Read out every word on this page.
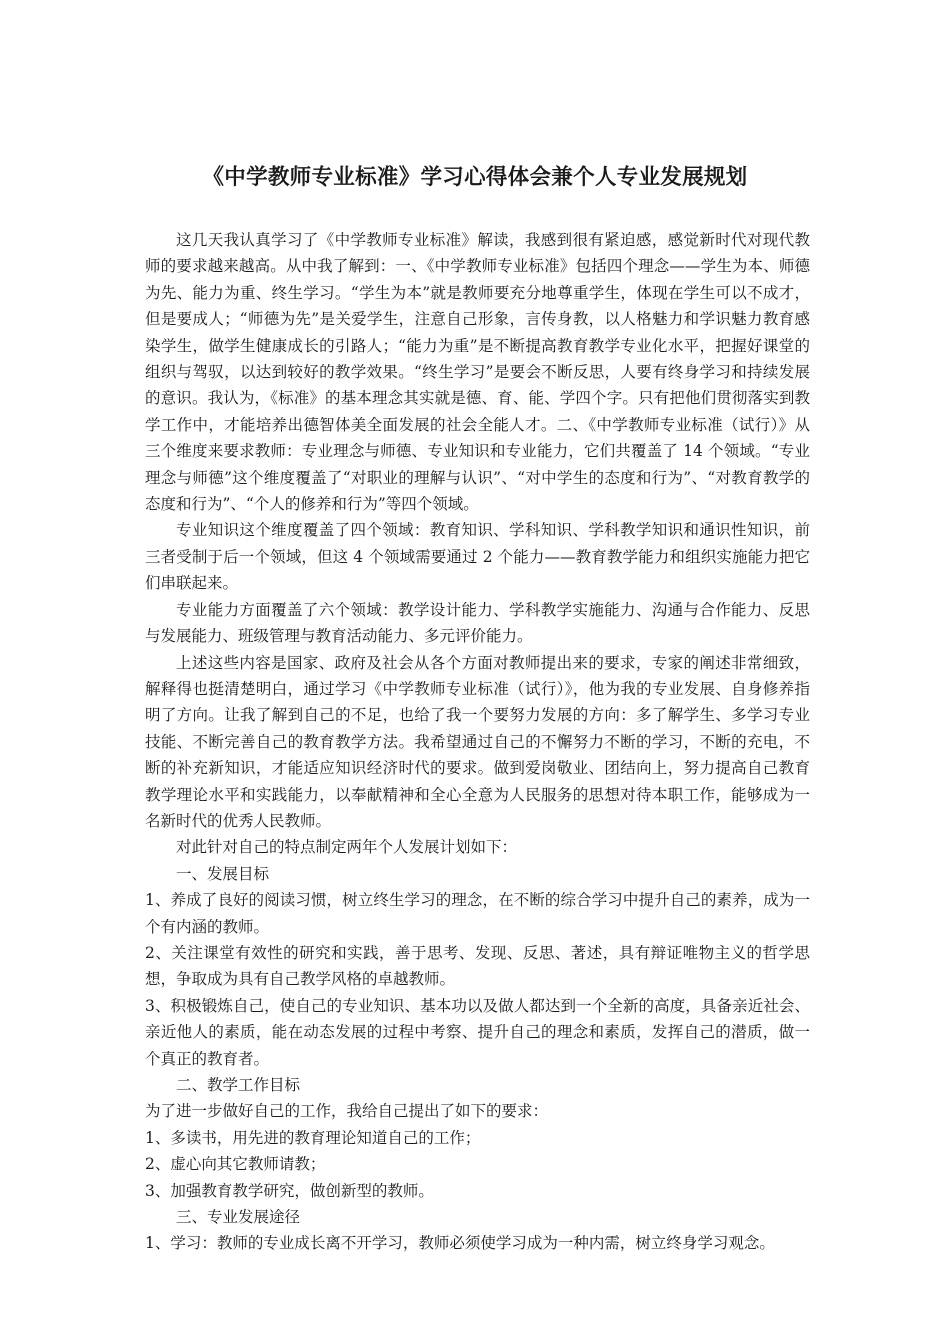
《中学教师专业标准》学习心得体会兼个人专业发展规划

这几天我认真学习了《中学教师专业标准》解读，我感到很有紧迫感，感觉新时代对现代教师的要求越来越高。从中我了解到：一、《中学教师专业标准》包括四个理念——学生为本、师德为先、能力为重、终生学习。“学生为本”就是教师要充分地尊重学生，体现在学生可以不成才，但是要成人；“师德为先”是关爱学生，注意自己形象，言传身教，以人格魅力和学识魅力教育感染学生，做学生健康成长的引路人；“能力为重”是不断提高教育教学专业化水平，把握好课堂的组织与驾驭，以达到较好的教学效果。“终生学习”是要会不断反思，人要有终身学习和持续发展的意识。我认为，《标准》的基本理念其实就是德、育、能、学四个字。只有把他们贯彻落实到教学工作中，才能培养出德智体美全面发展的社会全能人才。二、《中学教师专业标准（试行）》从三个维度来要求教师：专业理念与师德、专业知识和专业能力，它们共覆盖了 14 个领域。“专业理念与师德”这个维度覆盖了“对职业的理解与认识”、“对中学生的态度和行为”、“对教育教学的态度和行为”、“个人的修养和行为”等四个领域。

专业知识这个维度覆盖了四个领域：教育知识、学科知识、学科教学知识和通识性知识，前三者受制于后一个领域，但这 4 个领域需要通过 2 个能力——教育教学能力和组织实施能力把它们串联起来。

专业能力方面覆盖了六个领域：教学设计能力、学科教学实施能力、沟通与合作能力、反思与发展能力、班级管理与教育活动能力、多元评价能力。

上述这些内容是国家、政府及社会从各个方面对教师提出来的要求，专家的阐述非常细致，解释得也挺清楚明白，通过学习《中学教师专业标准（试行）》，他为我的专业发展、自身修养指明了方向。让我了解到自己的不足，也给了我一个要努力发展的方向：多了解学生、多学习专业技能、不断完善自己的教育教学方法。我希望通过自己的不懈努力不断的学习，不断的充电，不断的补充新知识，才能适应知识经济时代的要求。做到爱岗敬业、团结向上，努力提高自己教育教学理论水平和实践能力，以奉献精神和全心全意为人民服务的思想对待本职工作，能够成为一名新时代的优秀人民教师。

对此针对自己的特点制定两年个人发展计划如下：

一、发展目标

1、养成了良好的阅读习惯，树立终生学习的理念，在不断的综合学习中提升自己的素养，成为一个有内涵的教师。

2、关注课堂有效性的研究和实践，善于思考、发现、反思、著述，具有辩证唯物主义的哲学思想，争取成为具有自己教学风格的卓越教师。

3、积极锻炼自己，使自己的专业知识、基本功以及做人都达到一个全新的高度，具备亲近社会、亲近他人的素质，能在动态发展的过程中考察、提升自己的理念和素质，发挥自己的潜质，做一个真正的教育者。

二、教学工作目标

为了进一步做好自己的工作，我给自己提出了如下的要求：

1、多读书，用先进的教育理论知道自己的工作；

2、虚心向其它教师请教；

3、加强教育教学研究，做创新型的教师。

三、专业发展途径

1、学习：教师的专业成长离不开学习，教师必须使学习成为一种内需，树立终身学习观念。
